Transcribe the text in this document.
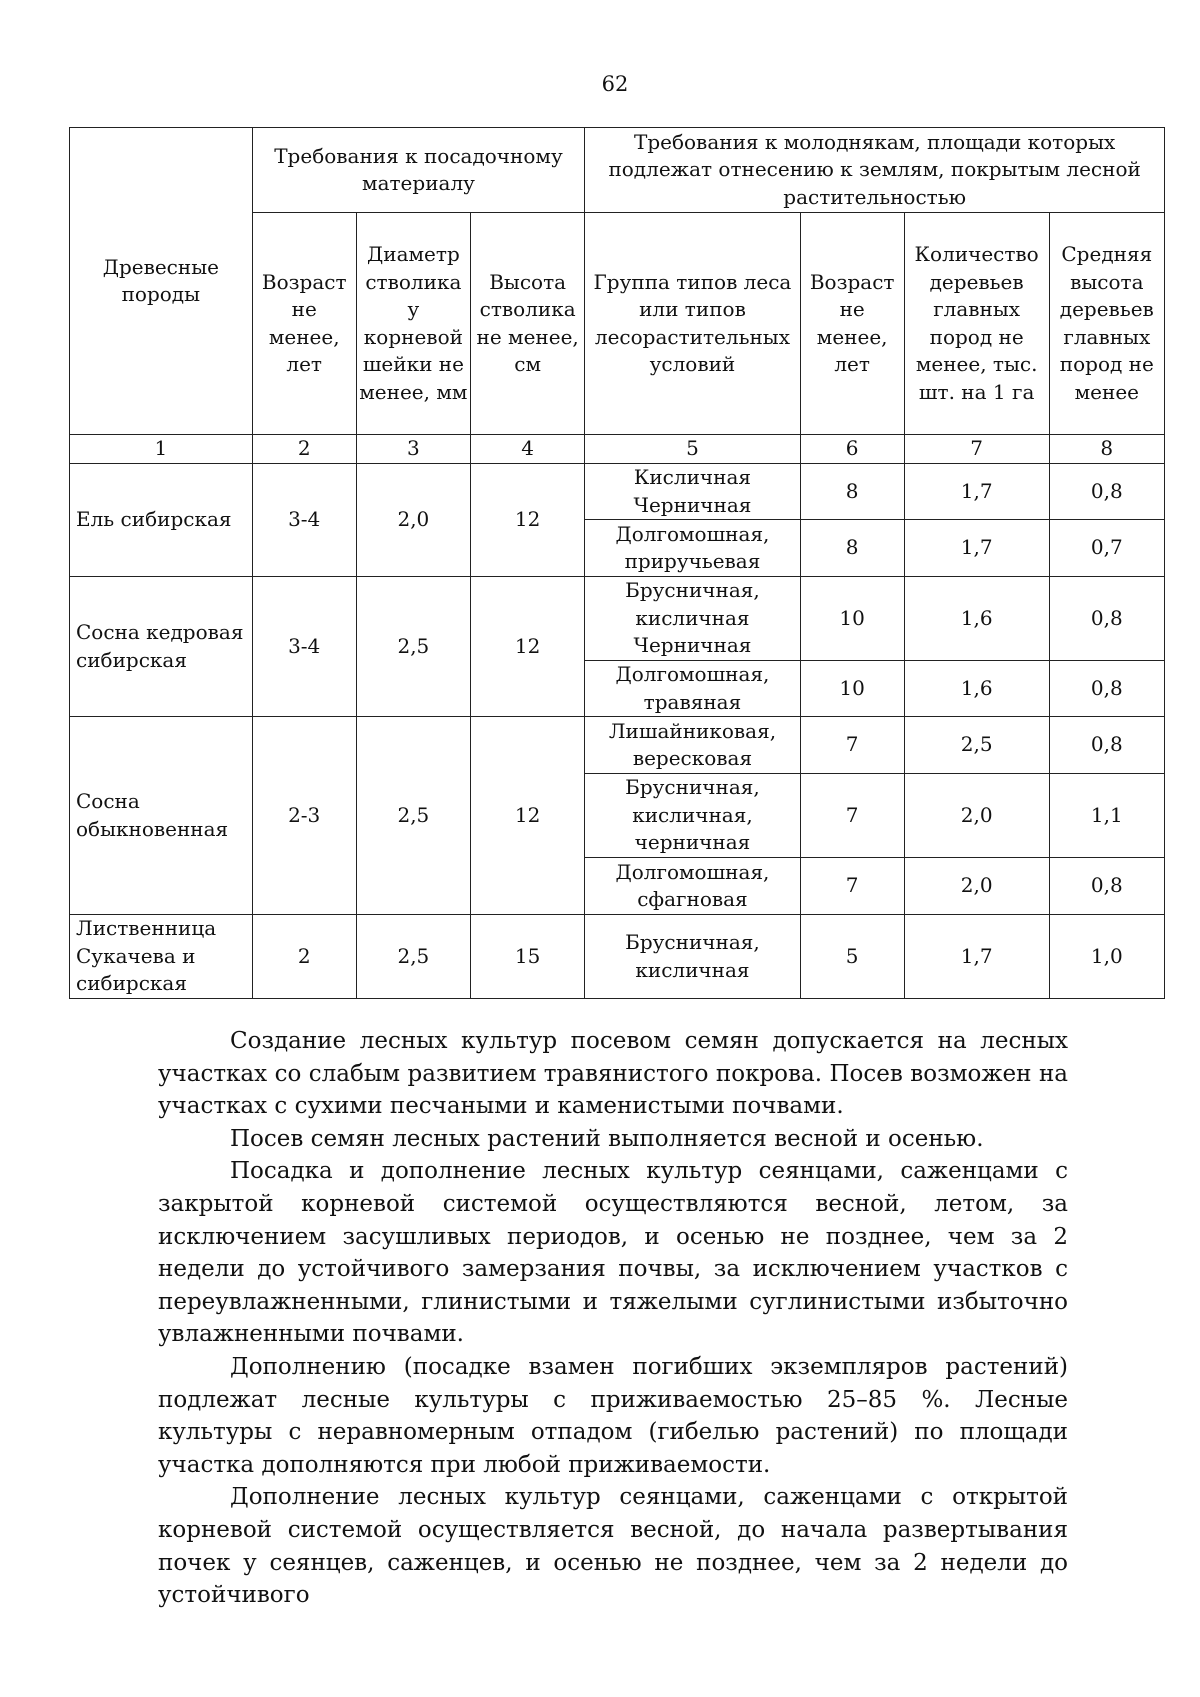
62
Древесные породы	Требования к посадочному материалу			Требования к молоднякам, площади которых подлежат отнесению к землям, покрытым лесной растительностью			
	Возраст не менее, лет	Диаметр стволика у корневой шейки не менее, мм	Высота стволика не менее, см	Группа типов леса или типов лесорастительных условий	Возраст не менее, лет	Количество деревьев главных пород не менее, тыс. шт. на 1 га	Средняя высота деревьев главных пород не менее
1	2	3	4	5	6	7	8
Ель сибирская	3-4	2,0	12	Кисличная Черничная	8	1,7	0,8
				Долгомошная, приручьевая	8	1,7	0,7
Сосна кедровая сибирская	3-4	2,5	12	Брусничная, кисличная Черничная	10	1,6	0,8
				Долгомошная, травяная	10	1,6	0,8
Сосна обыкновенная	2-3	2,5	12	Лишайниковая, вересковая	7	2,5	0,8
				Брусничная, кисличная, черничная	7	2,0	1,1
				Долгомошная, сфагновая	7	2,0	0,8
Лиственница Сукачева и сибирская	2	2,5	15	Брусничная, кисличная	5	1,7	1,0

Создание лесных культур посевом семян допускается на лесных участках со слабым развитием травянистого покрова. Посев возможен на участках с сухими песчаными и каменистыми почвами.

Посев семян лесных растений выполняется весной и осенью.

Посадка и дополнение лесных культур сеянцами, саженцами с закрытой корневой системой осуществляются весной, летом, за исключением засушливых периодов, и осенью не позднее, чем за 2 недели до устойчивого замерзания почвы, за исключением участков с переувлажненными, глинистыми и тяжелыми суглинистыми избыточно увлажненными почвами.

Дополнению (посадке взамен погибших экземпляров растений) подлежат лесные культуры с приживаемостью 25–85 %. Лесные культуры с неравномерным отпадом (гибелью растений) по площади участка дополняются при любой приживаемости.

Дополнение лесных культур сеянцами, саженцами с открытой корневой системой осуществляется весной, до начала развертывания почек у сеянцев, саженцев, и осенью не позднее, чем за 2 недели до устойчивого
